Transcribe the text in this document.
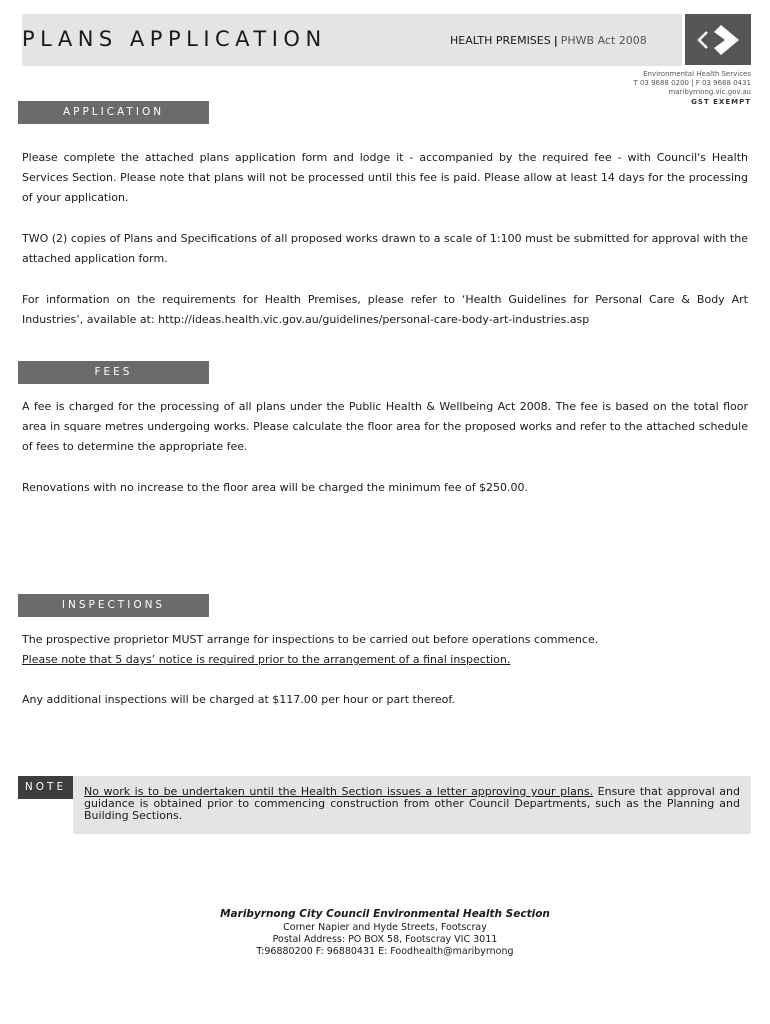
PLANS APPLICATION	HEALTH PREMISES | PHWB Act 2008
Environmental Health Services
T 03 9688 0200 | F 03 9688 0431
maribyrnong.vic.gov.au
GST EXEMPT
APPLICATION
Please complete the attached plans application form and lodge it - accompanied by the required fee - with Council's Health Services Section. Please note that plans will not be processed until this fee is paid. Please allow at least 14 days for the processing of your application.
TWO (2) copies of Plans and Specifications of all proposed works drawn to a scale of 1:100 must be submitted for approval with the attached application form.
For information on the requirements for Health Premises, please refer to ‘Health Guidelines for Personal Care & Body Art Industries’, available at: http://ideas.health.vic.gov.au/guidelines/personal-care-body-art-industries.asp
FEES
A fee is charged for the processing of all plans under the Public Health & Wellbeing Act 2008. The fee is based on the total floor area in square metres undergoing works. Please calculate the floor area for the proposed works and refer to the attached schedule of fees to determine the appropriate fee.
Renovations with no increase to the floor area will be charged the minimum fee of $250.00.
INSPECTIONS
The prospective proprietor MUST arrange for inspections to be carried out before operations commence.
Please note that 5 days’ notice is required prior to the arrangement of a final inspection.
Any additional inspections will be charged at $117.00 per hour or part thereof.
NOTE	No work is to be undertaken until the Health Section issues a letter approving your plans. Ensure that approval and guidance is obtained prior to commencing construction from other Council Departments, such as the Planning and Building Sections.
Maribyrnong City Council Environmental Health Section
Corner Napier and Hyde Streets, Footscray
Postal Address: PO BOX 58, Footscray VIC 3011
T:96880200 F: 96880431 E: Foodhealth@maribyrnong
